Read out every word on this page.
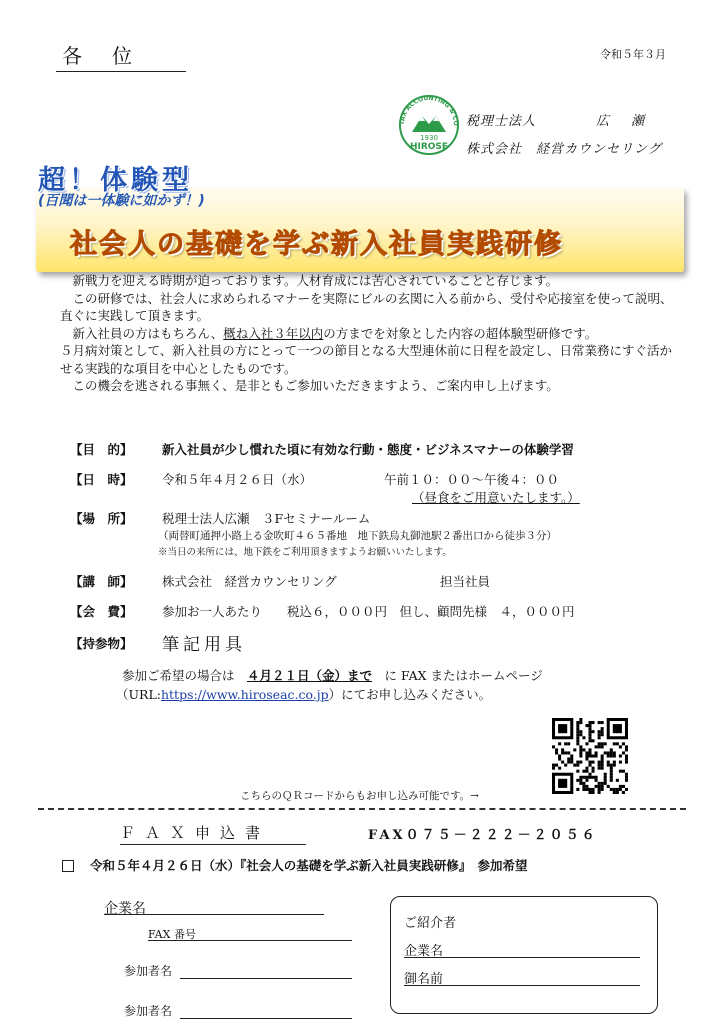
各位	令和５年３月
TAX ACCOUNTING & CO
1930
HIROSE
税理士法人	広瀬
株式会社　経営カウンセリング
超！体験型
(百聞は一体験に如かず！)
社会人の基礎を学ぶ新入社員実践研修

新戦力を迎える時期が迫っております。人材育成には苦心されていることと存じます。

この研修では、社会人に求められるマナーを実際にビルの玄関に入る前から、受付や応接室を使って説明、直ぐに実践して頂きます。

新入社員の方はもちろん、概ね入社３年以内の方までを対象とした内容の超体験型研修です。

５月病対策として、新入社員の方にとって一つの節目となる大型連休前に日程を設定し、日常業務にすぐ活かせる実践的な項目を中心としたものです。

この機会を逃される事無く、是非ともご参加いただきますよう、ご案内申し上げます。

【目　的】 新入社員が少し慣れた頃に有効な行動・態度・ビジネスマナーの体験学習
【日　時】 令和５年４月２６日（水）	午前１０：００～午後４：００
（昼食をご用意いたします。）
【場　所】 税理士法人広瀬　３Fセミナールーム
（両替町通押小路上る金吹町４６５番地　地下鉄烏丸御池駅２番出口から徒歩３分）
※当日の来所には、地下鉄をご利用頂きますようお願いいたします。
【講　師】 株式会社　経営カウンセリング	担当社員
【会　費】 参加お一人あたり　　税込６，０００円　但し、顧問先様　４，０００円
【持参物】 筆記用具
参加ご希望の場合は　４月２１日（金）まで　に FAX またはホームページ
（URL:https://www.hiroseac.co.jp）にてお申し込みください。
こちらのＱＲコードからもお申し込み可能です。→
ＦＡＸ申込書	FAX０７５－２２２－２０５６
令和５年４月２６日（水）『社会人の基礎を学ぶ新入社員実践研修』　参加希望
企業名
FAX 番号
参加者名
参加者名
ご紹介者
企業名
御名前
